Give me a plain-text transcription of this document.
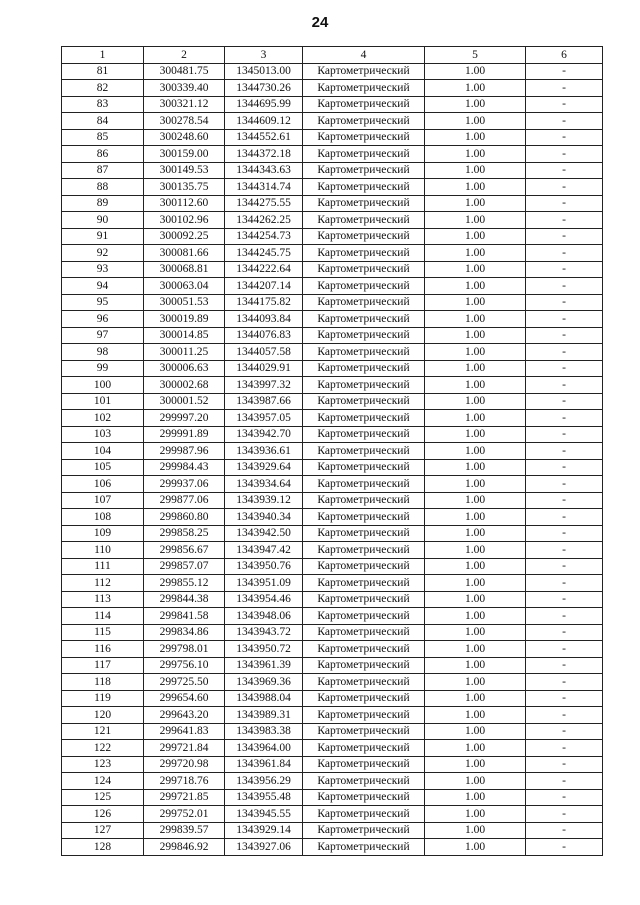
24
1	2	3	4	5	6
81	300481.75	1345013.00	Картометрический	1.00	-
82	300339.40	1344730.26	Картометрический	1.00	-
83	300321.12	1344695.99	Картометрический	1.00	-
84	300278.54	1344609.12	Картометрический	1.00	-
85	300248.60	1344552.61	Картометрический	1.00	-
86	300159.00	1344372.18	Картометрический	1.00	-
87	300149.53	1344343.63	Картометрический	1.00	-
88	300135.75	1344314.74	Картометрический	1.00	-
89	300112.60	1344275.55	Картометрический	1.00	-
90	300102.96	1344262.25	Картометрический	1.00	-
91	300092.25	1344254.73	Картометрический	1.00	-
92	300081.66	1344245.75	Картометрический	1.00	-
93	300068.81	1344222.64	Картометрический	1.00	-
94	300063.04	1344207.14	Картометрический	1.00	-
95	300051.53	1344175.82	Картометрический	1.00	-
96	300019.89	1344093.84	Картометрический	1.00	-
97	300014.85	1344076.83	Картометрический	1.00	-
98	300011.25	1344057.58	Картометрический	1.00	-
99	300006.63	1344029.91	Картометрический	1.00	-
100	300002.68	1343997.32	Картометрический	1.00	-
101	300001.52	1343987.66	Картометрический	1.00	-
102	299997.20	1343957.05	Картометрический	1.00	-
103	299991.89	1343942.70	Картометрический	1.00	-
104	299987.96	1343936.61	Картометрический	1.00	-
105	299984.43	1343929.64	Картометрический	1.00	-
106	299937.06	1343934.64	Картометрический	1.00	-
107	299877.06	1343939.12	Картометрический	1.00	-
108	299860.80	1343940.34	Картометрический	1.00	-
109	299858.25	1343942.50	Картометрический	1.00	-
110	299856.67	1343947.42	Картометрический	1.00	-
111	299857.07	1343950.76	Картометрический	1.00	-
112	299855.12	1343951.09	Картометрический	1.00	-
113	299844.38	1343954.46	Картометрический	1.00	-
114	299841.58	1343948.06	Картометрический	1.00	-
115	299834.86	1343943.72	Картометрический	1.00	-
116	299798.01	1343950.72	Картометрический	1.00	-
117	299756.10	1343961.39	Картометрический	1.00	-
118	299725.50	1343969.36	Картометрический	1.00	-
119	299654.60	1343988.04	Картометрический	1.00	-
120	299643.20	1343989.31	Картометрический	1.00	-
121	299641.83	1343983.38	Картометрический	1.00	-
122	299721.84	1343964.00	Картометрический	1.00	-
123	299720.98	1343961.84	Картометрический	1.00	-
124	299718.76	1343956.29	Картометрический	1.00	-
125	299721.85	1343955.48	Картометрический	1.00	-
126	299752.01	1343945.55	Картометрический	1.00	-
127	299839.57	1343929.14	Картометрический	1.00	-
128	299846.92	1343927.06	Картометрический	1.00	-
